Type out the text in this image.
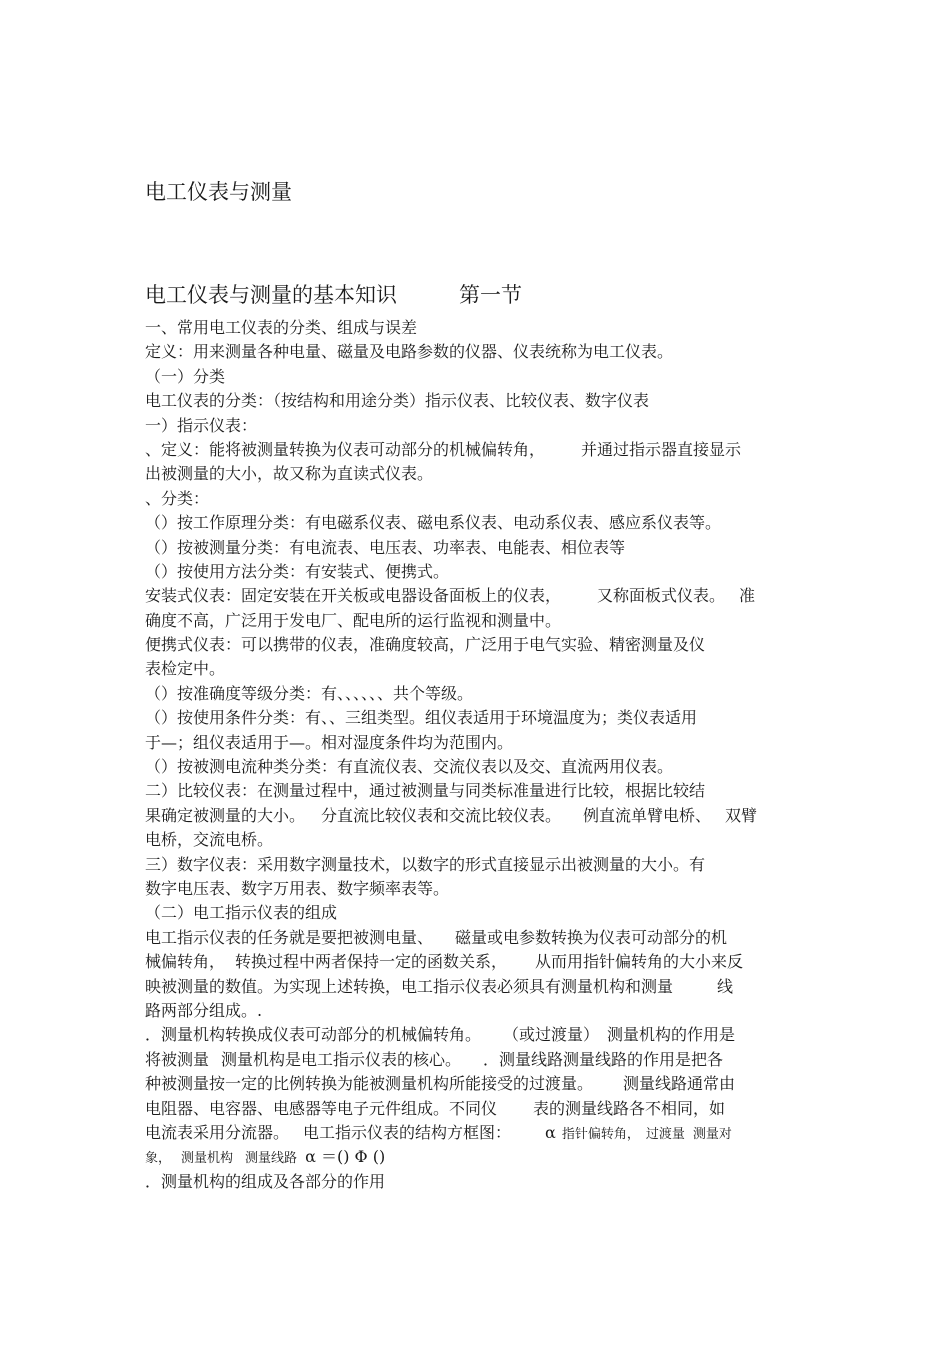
电工仪表与测量
电工仪表与测量的基本知识	第一节
一、常用电工仪表的分类、组成与误差
定义：用来测量各种电量、磁量及电路参数的仪器、仪表统称为电工仪表。
（一）分类
电工仪表的分类：（按结构和用途分类）指示仪表、比较仪表、数字仪表
一）指示仪表：
、定义：能将被测量转换为仪表可动部分的机械偏转角， 并通过指示器直接显示
出被测量的大小，故又称为直读式仪表。
、分类：
（）按工作原理分类：有电磁系仪表、磁电系仪表、电动系仪表、感应系仪表等。
（）按被测量分类：有电流表、电压表、功率表、电能表、相位表等
（）按使用方法分类：有安装式、便携式。
安装式仪表：固定安装在开关板或电器设备面板上的仪表， 又称面板式仪表。 准
确度不高，广泛用于发电厂、配电所的运行监视和测量中。
便携式仪表：可以携带的仪表，准确度较高，广泛用于电气实验、精密测量及仪
表检定中。
（）按准确度等级分类：有、、、、、、共个等级。
（）按使用条件分类：有、、三组类型。组仪表适用于环境温度为；类仪表适用
于—；组仪表适用于—。相对湿度条件均为范围内。
（）按被测电流种类分类：有直流仪表、交流仪表以及交、直流两用仪表。
二）比较仪表：在测量过程中，通过被测量与同类标准量进行比较，根据比较结
果确定被测量的大小。 分直流比较仪表和交流比较仪表。 例直流单臂电桥、 双臂
电桥，交流电桥。
三）数字仪表：采用数字测量技术，以数字的形式直接显示出被测量的大小。有
数字电压表、数字万用表、数字频率表等。
（二）电工指示仪表的组成
电工指示仪表的任务就是要把被测电量、 磁量或电参数转换为仪表可动部分的机
械偏转角， 转换过程中两者保持一定的函数关系， 从而用指针偏转角的大小来反
映被测量的数值。为实现上述转换，电工指示仪表必须具有测量机构和测量	线
路两部分组成。.
．测量机构转换成仪表可动部分的机械偏转角。 （或过渡量） 测量机构的作用是
将被测量 测量机构是电工指示仪表的核心。 ．测量线路测量线路的作用是把各
种被测量按一定的比例转换为能被测量机构所能接受的过渡量。 测量线路通常由
电阻器、电容器、电感器等电子元件组成。不同仪 表的测量线路各不相同，如
电流表采用分流器。 电工指示仪表的结构方框图： α 指针偏转角， 过渡量 测量对
象， 测量机构 测量线路 α ＝() Φ ()
．测量机构的组成及各部分的作用
